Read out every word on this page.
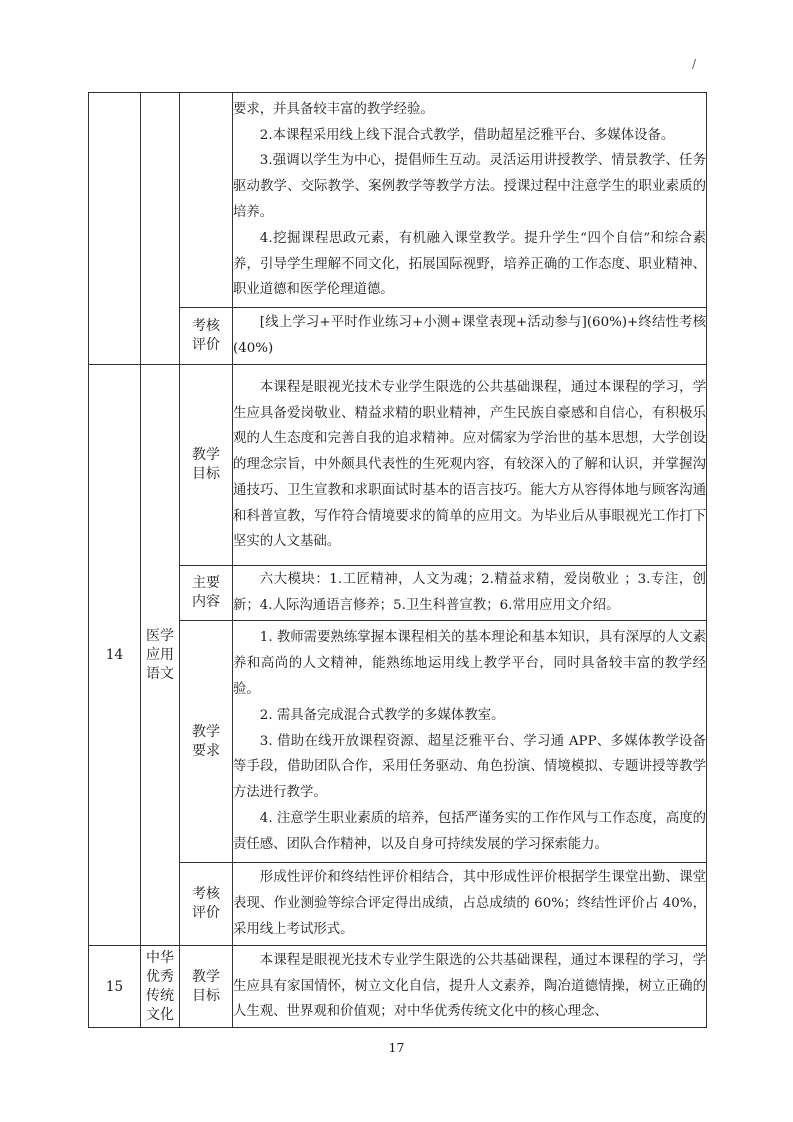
/

			要求，并具备较丰富的教学经验。

2.本课程采用线上线下混合式教学，借助超星泛雅平台、多媒体设备。

3.强调以学生为中心，提倡师生互动。灵活运用讲授教学、情景教学、任务驱动教学、交际教学、案例教学等教学方法。授课过程中注意学生的职业素质的培养。

4.挖掘课程思政元素，有机融入课堂教学。提升学生“四个自信”和综合素养，引导学生理解不同文化，拓展国际视野，培养正确的工作态度、职业精神、职业道德和医学伦理道德。

		考核评价	[线上学习+平时作业练习+小测+课堂表现+活动参与](60%)+终结性考核(40%)

14	医学应用语文	教学目标	本课程是眼视光技术专业学生限选的公共基础课程，通过本课程的学习，学生应具备爱岗敬业、精益求精的职业精神，产生民族自豪感和自信心，有积极乐观的人生态度和完善自我的追求精神。应对儒家为学治世的基本思想，大学创设的理念宗旨，中外颇具代表性的生死观内容，有较深入的了解和认识，并掌握沟通技巧、卫生宣教和求职面试时基本的语言技巧。能大方从容得体地与顾客沟通和科普宣教，写作符合情境要求的简单的应用文。为毕业后从事眼视光工作打下坚实的人文基础。

		主要内容	六大模块：1.工匠精神，人文为魂；2.精益求精，爱岗敬业 ；3.专注，创新；4.人际沟通语言修养；5.卫生科普宣教；6.常用应用文介绍。

		教学要求	1. 教师需要熟练掌握本课程相关的基本理论和基本知识，具有深厚的人文素养和高尚的人文精神，能熟练地运用线上教学平台，同时具备较丰富的教学经验。

2. 需具备完成混合式教学的多媒体教室。

3. 借助在线开放课程资源、超星泛雅平台、学习通 APP、多媒体教学设备等手段，借助团队合作，采用任务驱动、角色扮演、情境模拟、专题讲授等教学方法进行教学。

4. 注意学生职业素质的培养，包括严谨务实的工作作风与工作态度，高度的责任感、团队合作精神，以及自身可持续发展的学习探索能力。

		考核评价	形成性评价和终结性评价相结合，其中形成性评价根据学生课堂出勤、课堂表现、作业测验等综合评定得出成绩，占总成绩的 60%；终结性评价占 40%，采用线上考试形式。

15	中华优秀传统文化	教学目标	本课程是眼视光技术专业学生限选的公共基础课程，通过本课程的学习，学生应具有家国情怀，树立文化自信，提升人文素养，陶冶道德情操，树立正确的人生观、世界观和价值观；对中华优秀传统文化中的核心理念、

17
